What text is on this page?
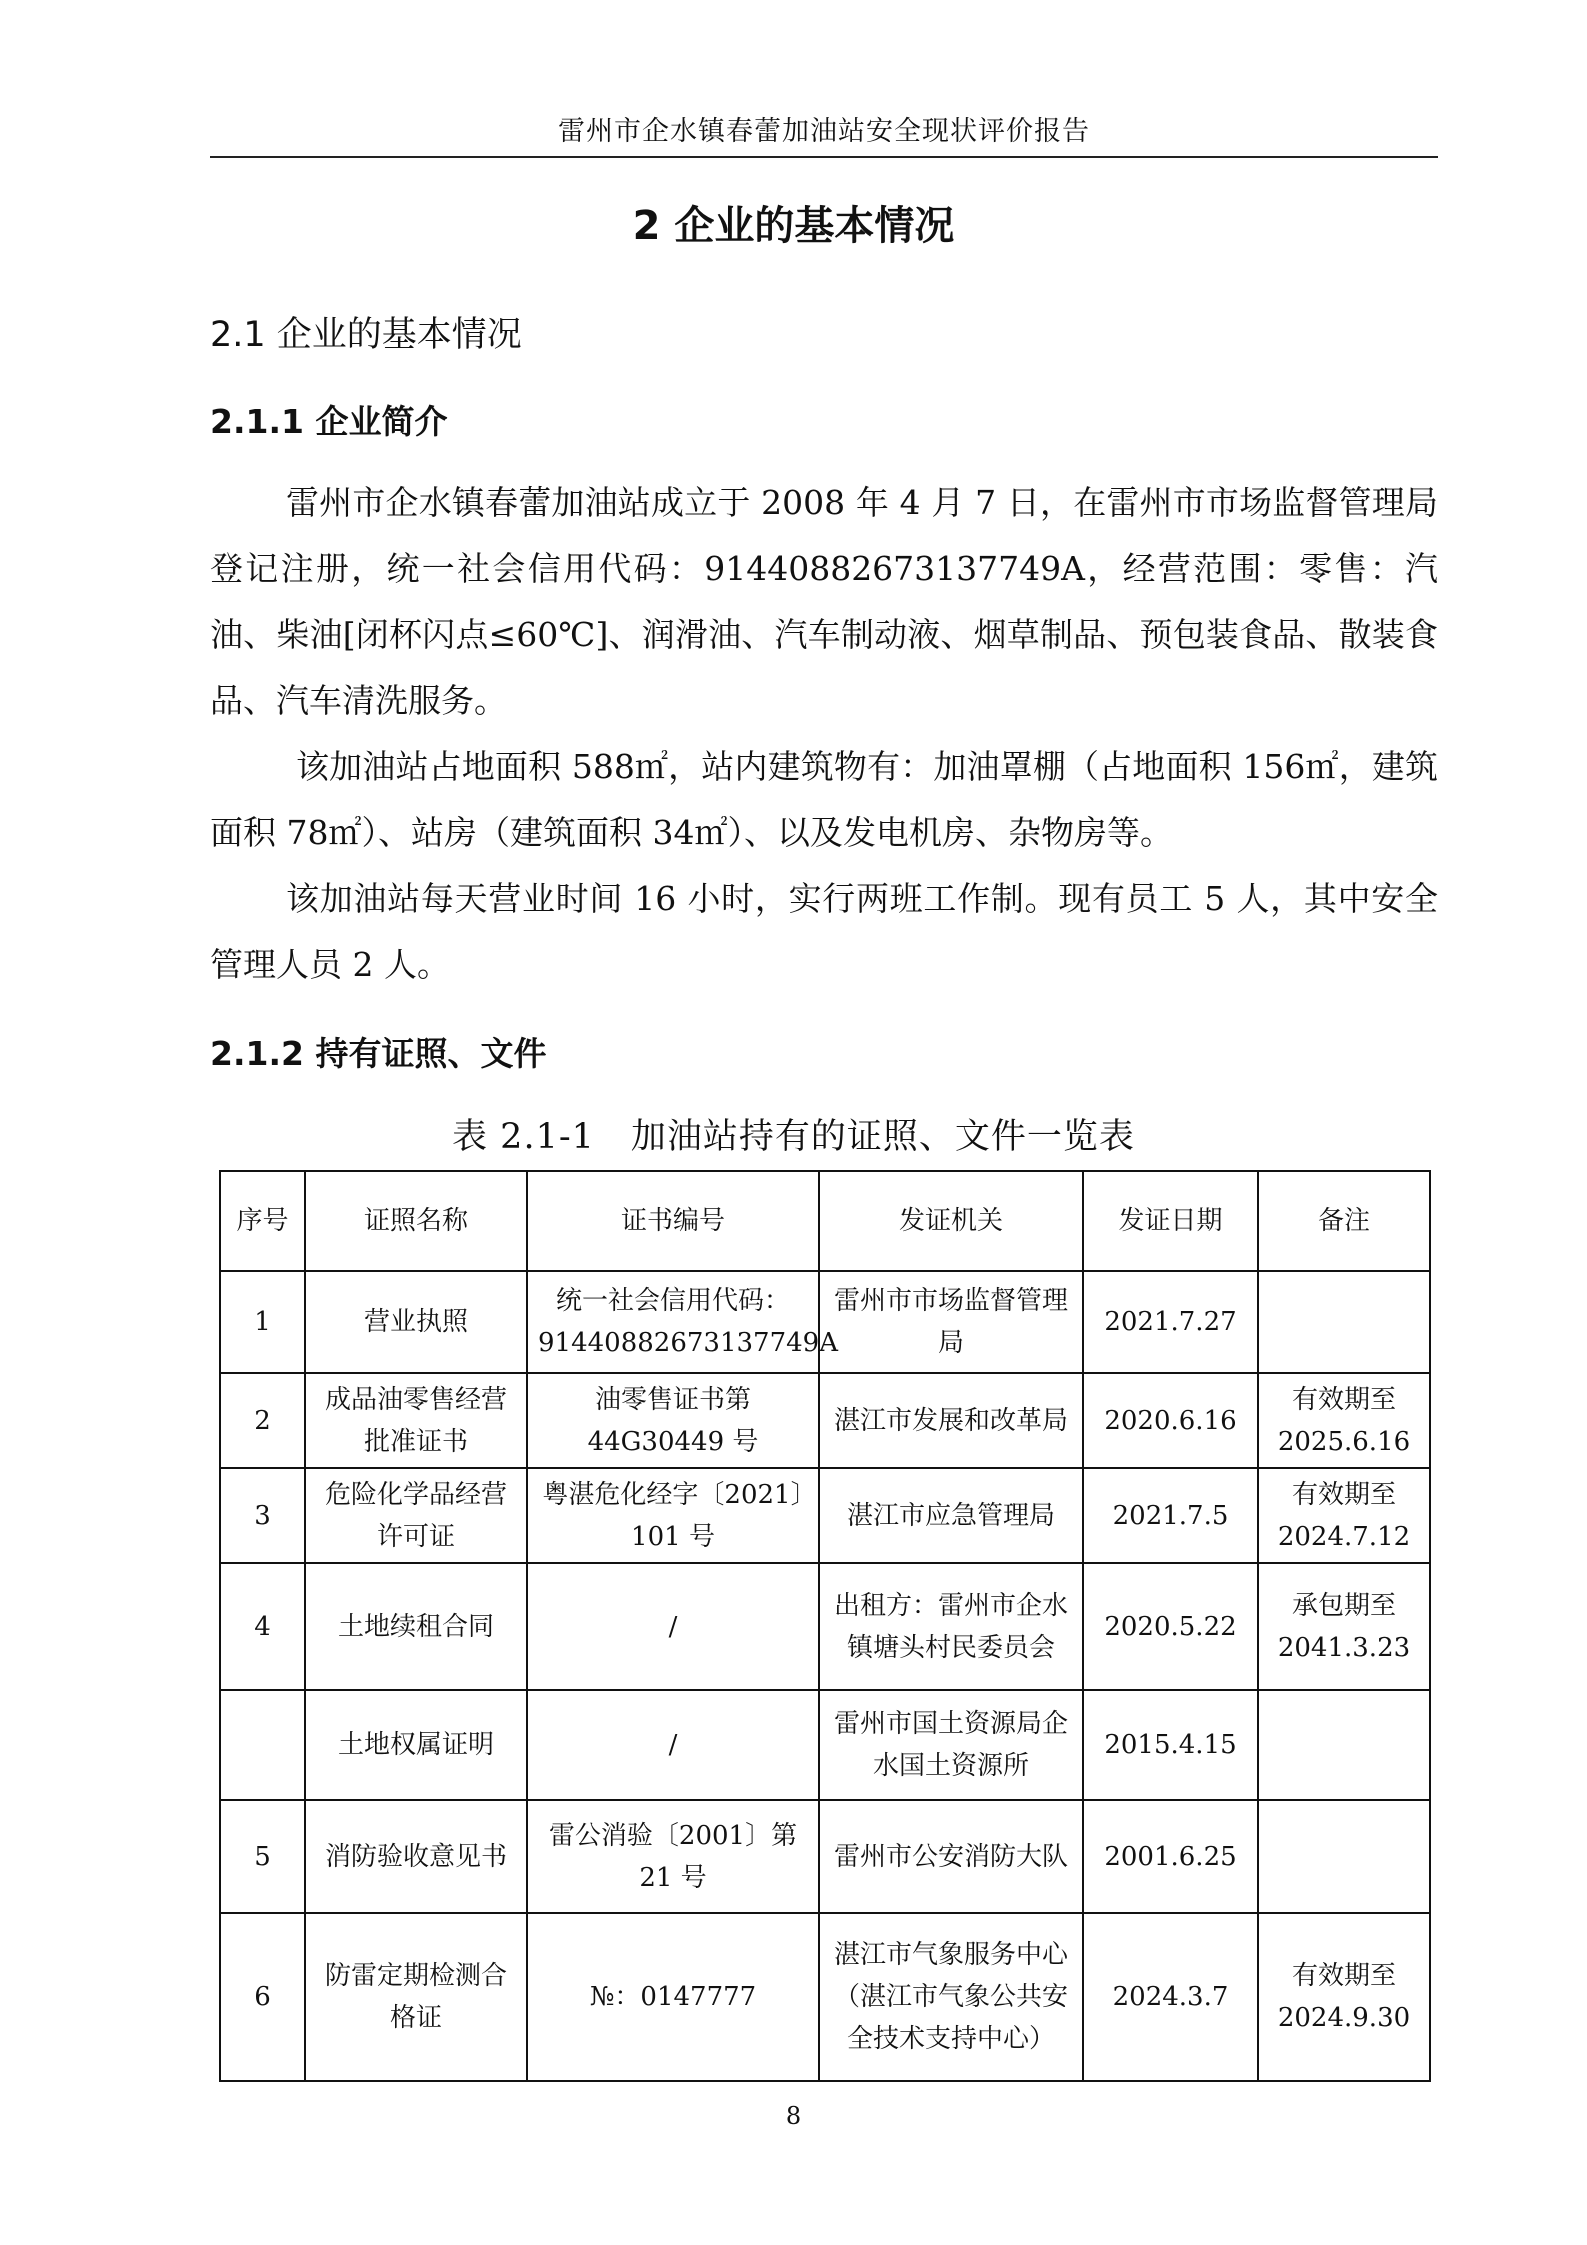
雷州市企水镇春蕾加油站安全现状评价报告
2 企业的基本情况
2.1 企业的基本情况
2.1.1 企业简介
雷州市企水镇春蕾加油站成立于 2008 年 4 月 7 日，在雷州市市场监督管理局登记注册，统一社会信用代码：91440882673137749A，经营范围：零售：汽油、柴油[闭杯闪点≤60℃]、润滑油、汽车制动液、烟草制品、预包装食品、散装食品、汽车清洗服务。
该加油站占地面积 588㎡，站内建筑物有：加油罩棚（占地面积 156㎡，建筑面积 78㎡）、站房（建筑面积 34㎡）、以及发电机房、杂物房等。
该加油站每天营业时间 16 小时，实行两班工作制。现有员工 5 人，其中安全管理人员 2 人。
2.1.2 持有证照、文件
表 2.1-1　加油站持有的证照、文件一览表
序号	证照名称	证书编号	发证机关	发证日期	备注
1	营业执照	统一社会信用代码：91440882673137749A	雷州市市场监督管理局	2021.7.27	
2	成品油零售经营批准证书	油零售证书第44G30449 号	湛江市发展和改革局	2020.6.16	有效期至2025.6.16
3	危险化学品经营许可证	粤湛危化经字〔2021〕101 号	湛江市应急管理局	2021.7.5	有效期至2024.7.12
4	土地续租合同	/	出租方：雷州市企水镇塘头村民委员会	2020.5.22	承包期至2041.3.23
	土地权属证明	/	雷州市国土资源局企水国土资源所	2015.4.15	
5	消防验收意见书	雷公消验〔2001〕第21 号	雷州市公安消防大队	2001.6.25	
6	防雷定期检测合格证	№：0147777	湛江市气象服务中心（湛江市气象公共安全技术支持中心）	2024.3.7	有效期至2024.9.30
8
